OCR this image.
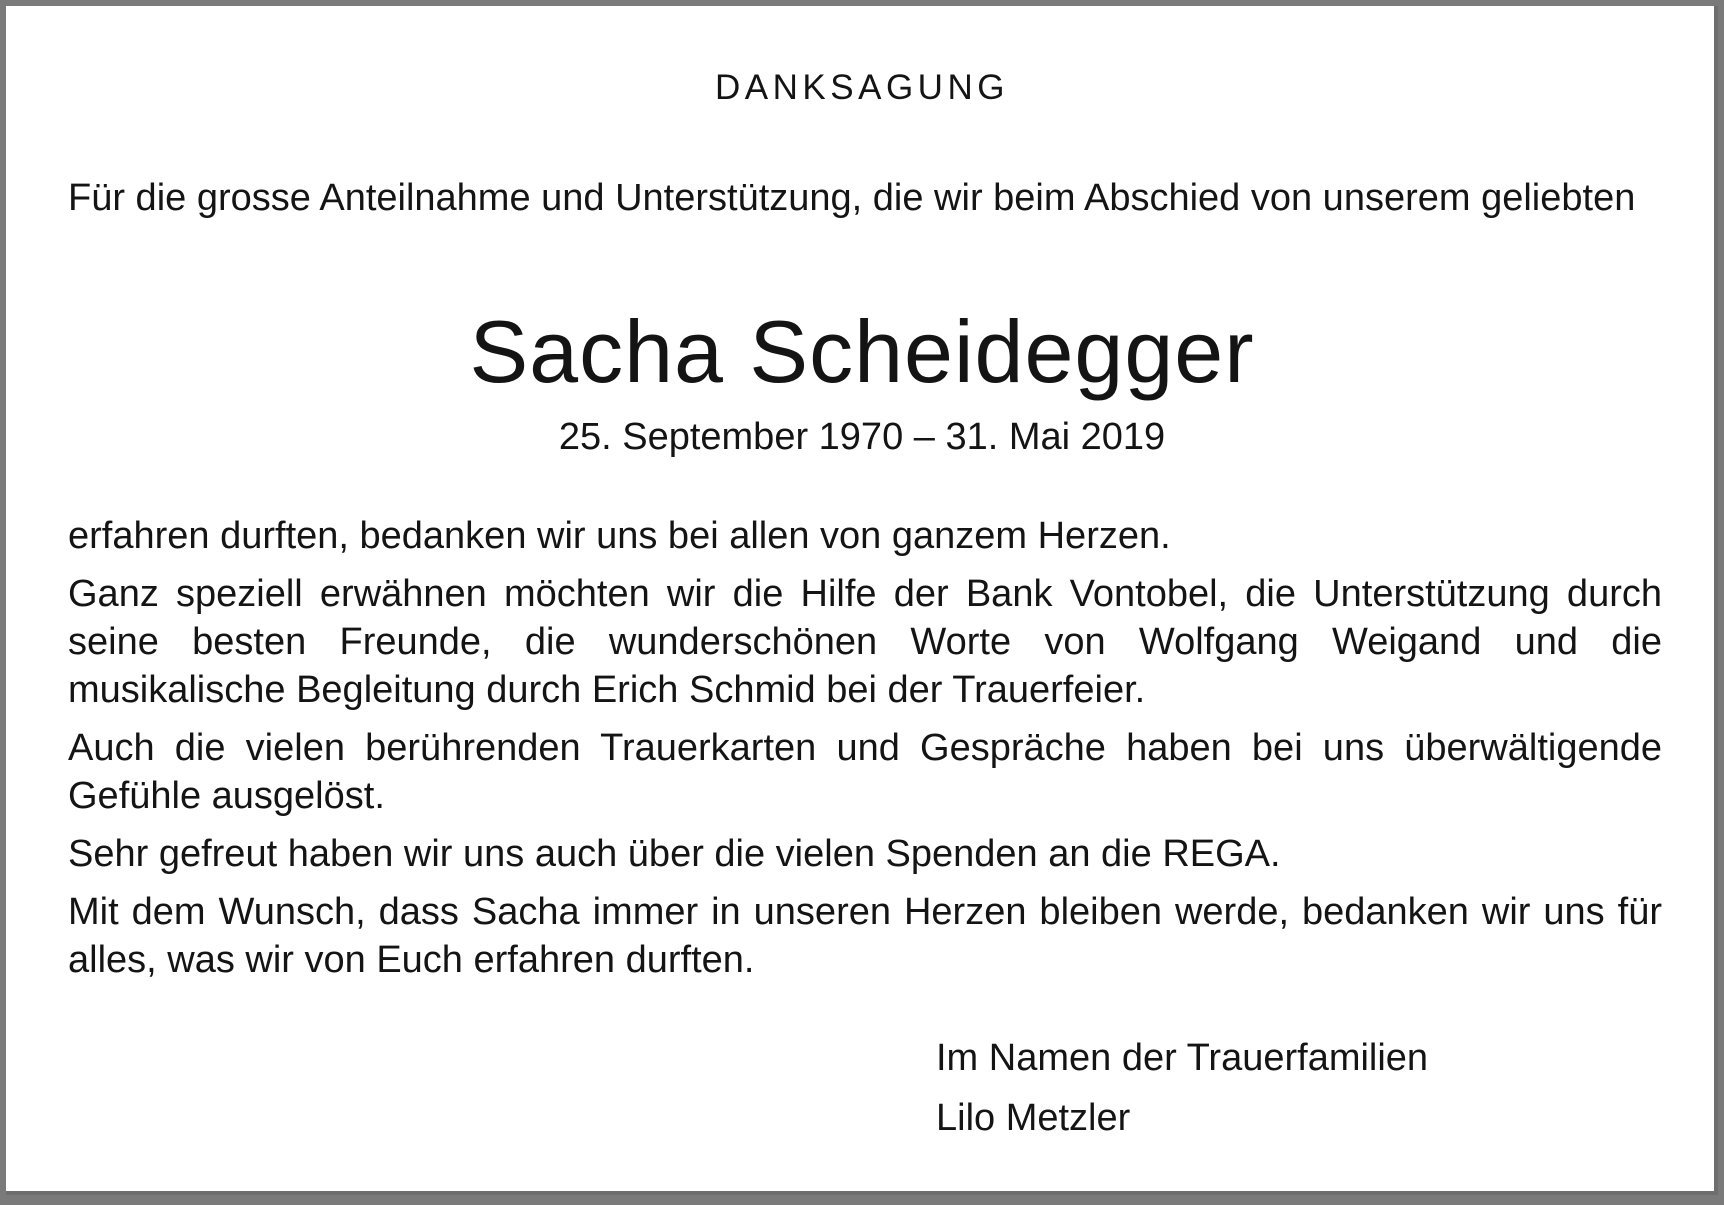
DANKSAGUNG
Für die grosse Anteilnahme und Unterstützung, die wir beim Abschied von unserem geliebten
Sacha Scheidegger
25. September 1970 – 31. Mai 2019

erfahren durften, bedanken wir uns bei allen von ganzem Herzen.

Ganz speziell erwähnen möchten wir die Hilfe der Bank Vontobel, die Unterstützung durch seine besten Freunde, die wunderschönen Worte von Wolfgang Weigand und die musikalische Begleitung durch Erich Schmid bei der Trauerfeier.

Auch die vielen berührenden Trauerkarten und Gespräche haben bei uns überwältigende Gefühle ausgelöst.

Sehr gefreut haben wir uns auch über die vielen Spenden an die REGA.

Mit dem Wunsch, dass Sacha immer in unseren Herzen bleiben werde, bedanken wir uns für alles, was wir von Euch erfahren durften.

Im Namen der Trauerfamilien
Lilo Metzler
